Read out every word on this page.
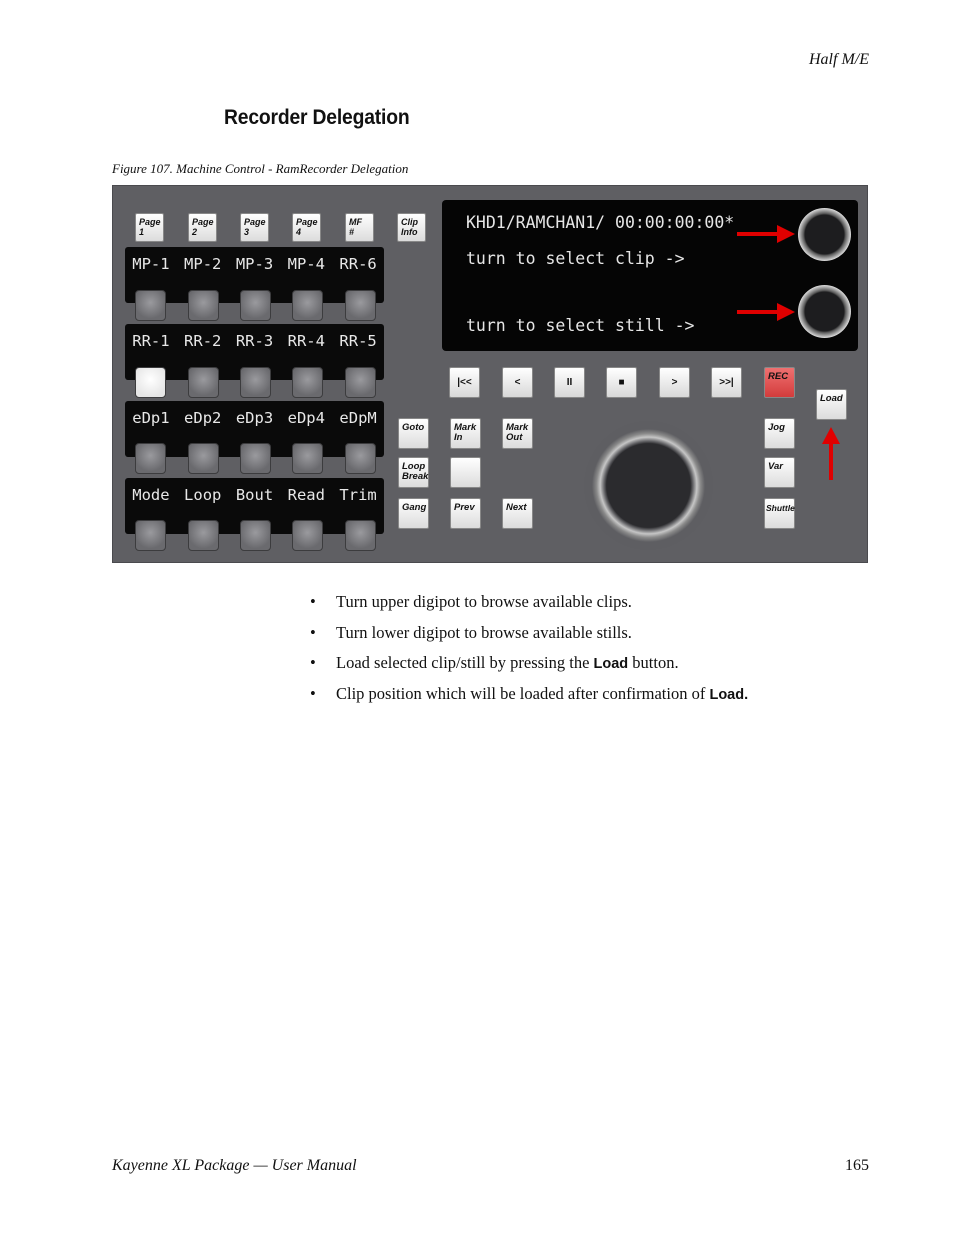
Half M/E
Recorder Delegation
Figure 107. Machine Control - RamRecorder Delegation
Page
1
Page
2
Page
3
Page
4
MF
#
Clip
Info
MP-1 MP-2 MP-3 MP-4 RR-6
RR-1 RR-2 RR-3 RR-4 RR-5
eDp1 eDp2 eDp3 eDp4 eDpM
Mode Loop Bout Read Trim
KHD1/RAMCHAN1/ 00:00:00:00*
turn to select clip ->
turn to select still ->
|<<	<	II	■	>	>>|
REC
Goto	Mark
In
Mark
Out
Loop
Break
Gang	Prev	Next
Jog
Var
Shuttle
Load
• Turn upper digipot to browse available clips.
• Turn lower digipot to browse available stills.
• Load selected clip/still by pressing the Load button.
• Clip position which will be loaded after confirmation of Load.
Kayenne XL Package — User Manual	165
